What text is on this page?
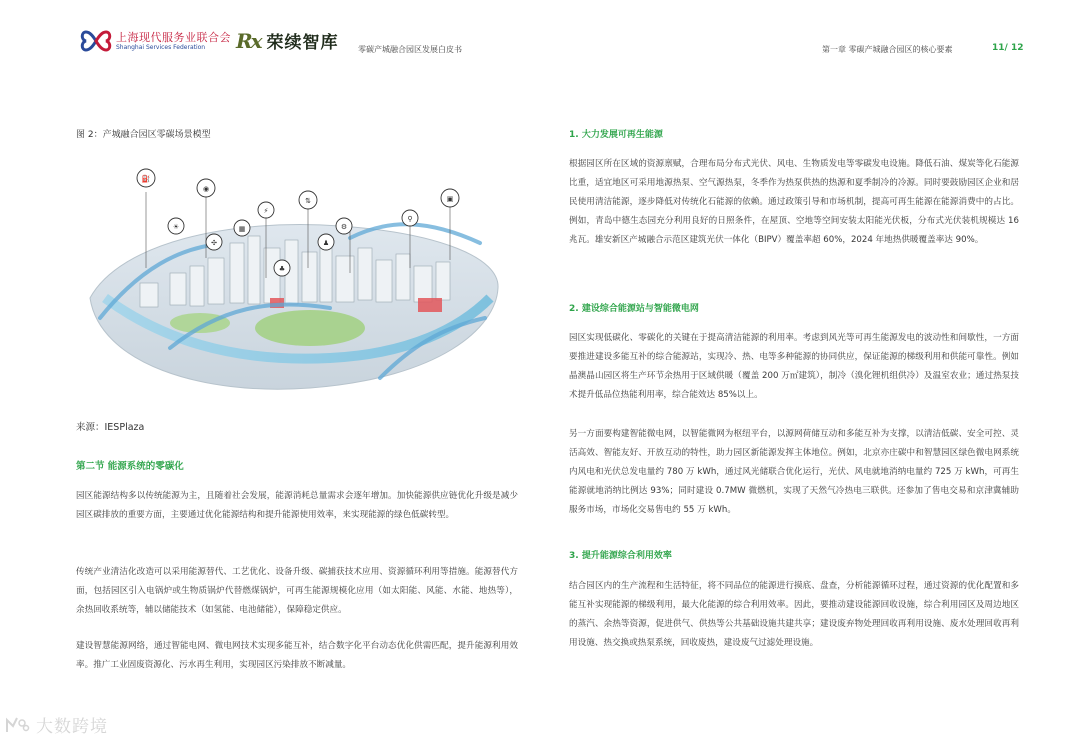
上海现代服务业联合会
Shanghai Services Federation	Rx 荣续智库 零碳产城融合园区发展白皮书	第一章 零碳产城融合园区的核心要素	11/ 12
图 2：产城融合园区零碳场景模型
⛽
◉
⇅	▣
☀
✣
▦
⚡
♟
⚙
⚲
♣
来源：IESPlaza
第二节 能源系统的零碳化
园区能源结构多以传统能源为主，且随着社会发展，能源消耗总量需求会逐年增加。加快能源供应链优化升级是减少园区碳排放的重要方面，主要通过优化能源结构和提升能源使用效率，来实现能源的绿色低碳转型。
传统产业清洁化改造可以采用能源替代、工艺优化、设备升级、碳捕获技术应用、资源循环利用等措施。能源替代方面，包括园区引入电锅炉或生物质锅炉代替燃煤锅炉，可再生能源规模化应用（如太阳能、风能、水能、地热等），余热回收系统等，辅以储能技术（如氢能、电池储能），保障稳定供应。
建设智慧能源网络，通过智能电网、微电网技术实现多能互补，结合数字化平台动态优化供需匹配，提升能源利用效率。推广工业固废资源化、污水再生利用，实现园区污染排放不断减量。
1. 大力发展可再生能源
根据园区所在区域的资源禀赋，合理布局分布式光伏、风电、生物质发电等零碳发电设施。降低石油、煤炭等化石能源比重，适宜地区可采用地源热泵、空气源热泵，冬季作为热泵供热的热源和夏季制冷的冷源。同时要鼓励园区企业和居民使用清洁能源，逐步降低对传统化石能源的依赖。通过政策引导和市场机制，提高可再生能源在能源消费中的占比。例如，青岛中德生态园充分利用良好的日照条件，在屋顶、空地等空间安装太阳能光伏板，分布式光伏装机规模达 16 兆瓦。雄安新区产城融合示范区建筑光伏一体化（BIPV）覆盖率超 60%，2024 年地热供暖覆盖率达 90%。
2. 建设综合能源站与智能微电网
园区实现低碳化、零碳化的关键在于提高清洁能源的利用率。考虑到风光等可再生能源发电的波动性和间歇性，一方面要推进建设多能互补的综合能源站，实现冷、热、电等多种能源的协同供应，保证能源的梯级利用和供能可靠性。例如晶澳晶山园区将生产环节余热用于区域供暖（覆盖 200 万㎡建筑），制冷（溴化锂机组供冷）及温室农业；通过热泵技术提升低品位热能利用率，综合能效达 85%以上。
另一方面要构建智能微电网，以智能微网为枢纽平台，以源网荷储互动和多能互补为支撑，以清洁低碳、安全可控、灵活高效、智能友好、开放互动的特性，助力园区新能源发挥主体地位。例如，北京亦庄碳中和智慧园区绿色微电网系统内风电和光伏总发电量约 780 万 kWh，通过风光储联合优化运行，光伏、风电就地消纳电量约 725 万 kWh，可再生能源就地消纳比例达 93%；同时建设 0.7MW 微燃机，实现了天然气冷热电三联供。还参加了售电交易和京津冀辅助服务市场，市场化交易售电约 55 万 kWh。
3. 提升能源综合利用效率
结合园区内的生产流程和生活特征，将不同品位的能源进行摸底、盘查，分析能源循环过程，通过资源的优化配置和多能互补实现能源的梯级利用，最大化能源的综合利用效率。因此，要推动建设能源回收设施，综合利用园区及周边地区的蒸汽、余热等资源，促进供气、供热等公共基础设施共建共享；建设废弃物处理回收再利用设施、废水处理回收再利用设施、热交换或热泵系统，回收废热，建设废气过滤处理设施。
大数跨境
